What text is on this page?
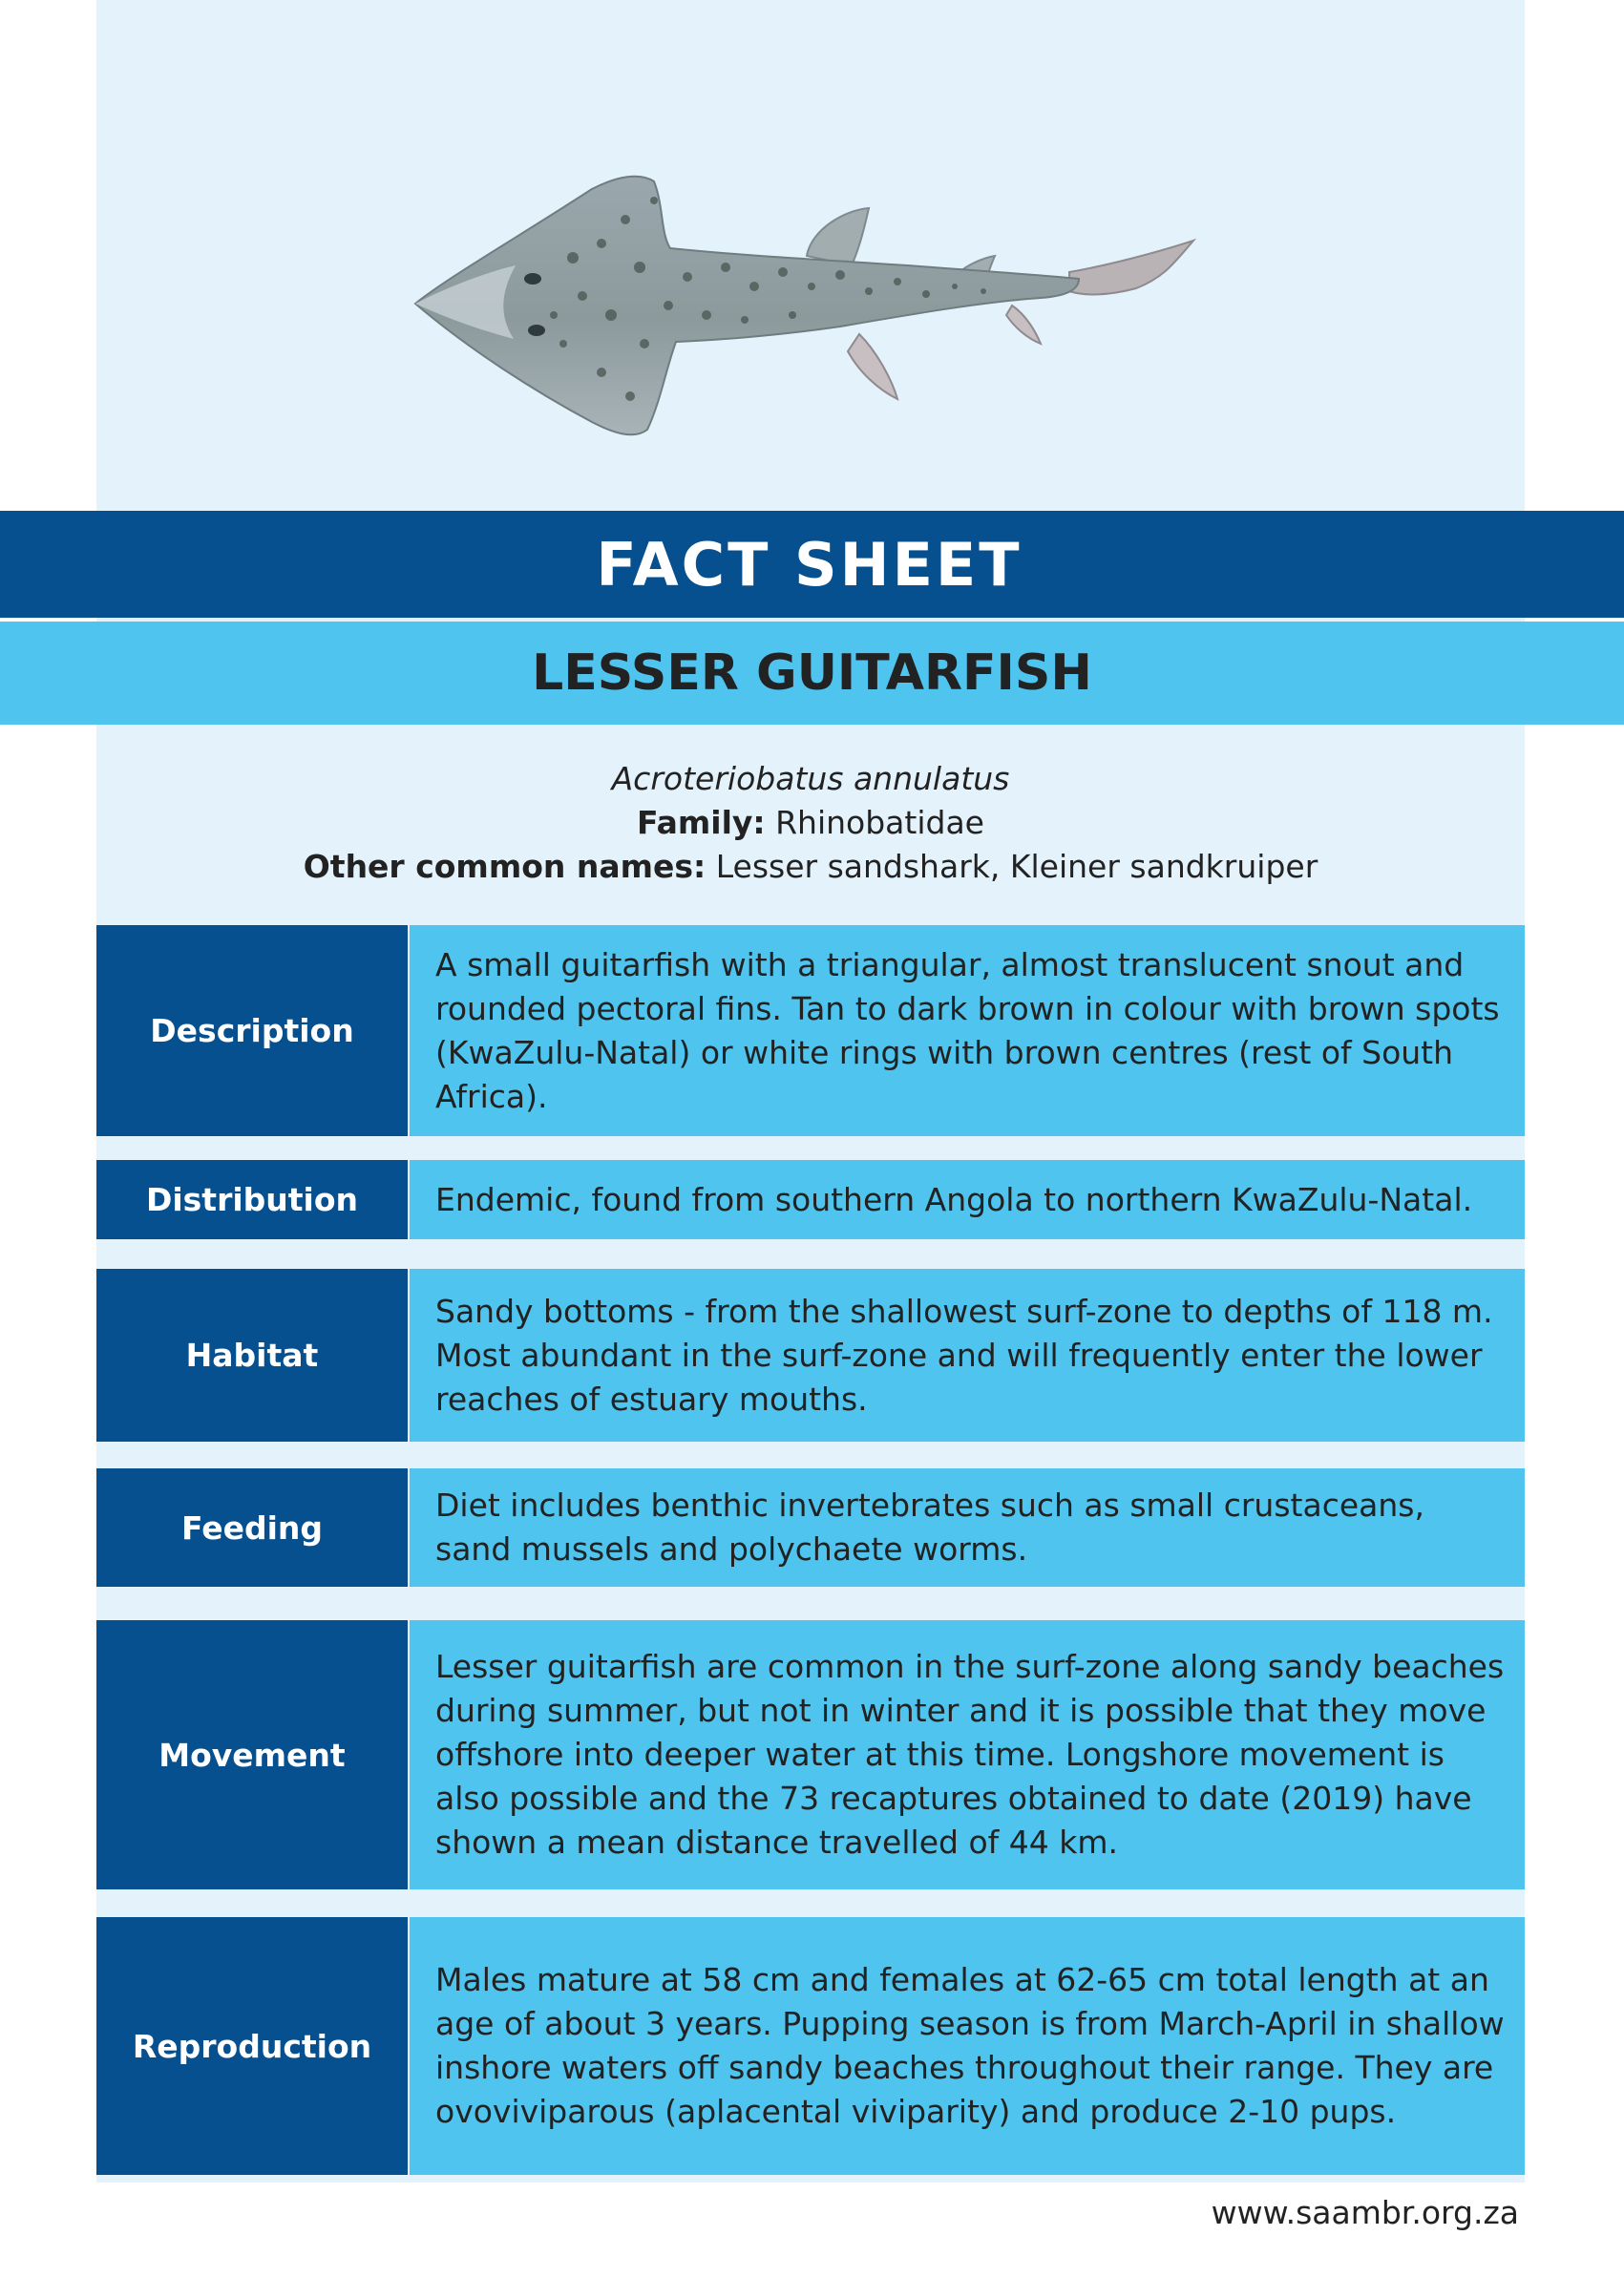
FACT SHEET
LESSER GUITARFISH
Acroteriobatus annulatus
Family: Rhinobatidae
Other common names: Lesser sandshark, Kleiner sandkruiper
Description
A small guitarfish with a triangular, almost translucent snout and rounded pectoral fins. Tan to dark brown in colour with brown spots (KwaZulu-Natal) or white rings with brown centres (rest of South Africa).
Distribution	Endemic, found from southern Angola to northern KwaZulu-Natal.
Habitat
Sandy bottoms - from the shallowest surf-zone to depths of 118 m. Most abundant in the surf-zone and will frequently enter the lower reaches of estuary mouths.
Feeding
Diet includes benthic invertebrates such as small crustaceans, sand mussels and polychaete worms.
Movement
Lesser guitarfish are common in the surf-zone along sandy beaches during summer, but not in winter and it is possible that they move offshore into deeper water at this time. Longshore movement is also possible and the 73 recaptures obtained to date (2019) have shown a mean distance travelled of 44 km.
Reproduction
Males mature at 58 cm and females at 62-65 cm total length at an age of about 3 years. Pupping season is from March-April in shallow inshore waters off sandy beaches throughout their range. They are ovoviviparous (aplacental viviparity) and produce 2-10 pups.
www.saambr.org.za
